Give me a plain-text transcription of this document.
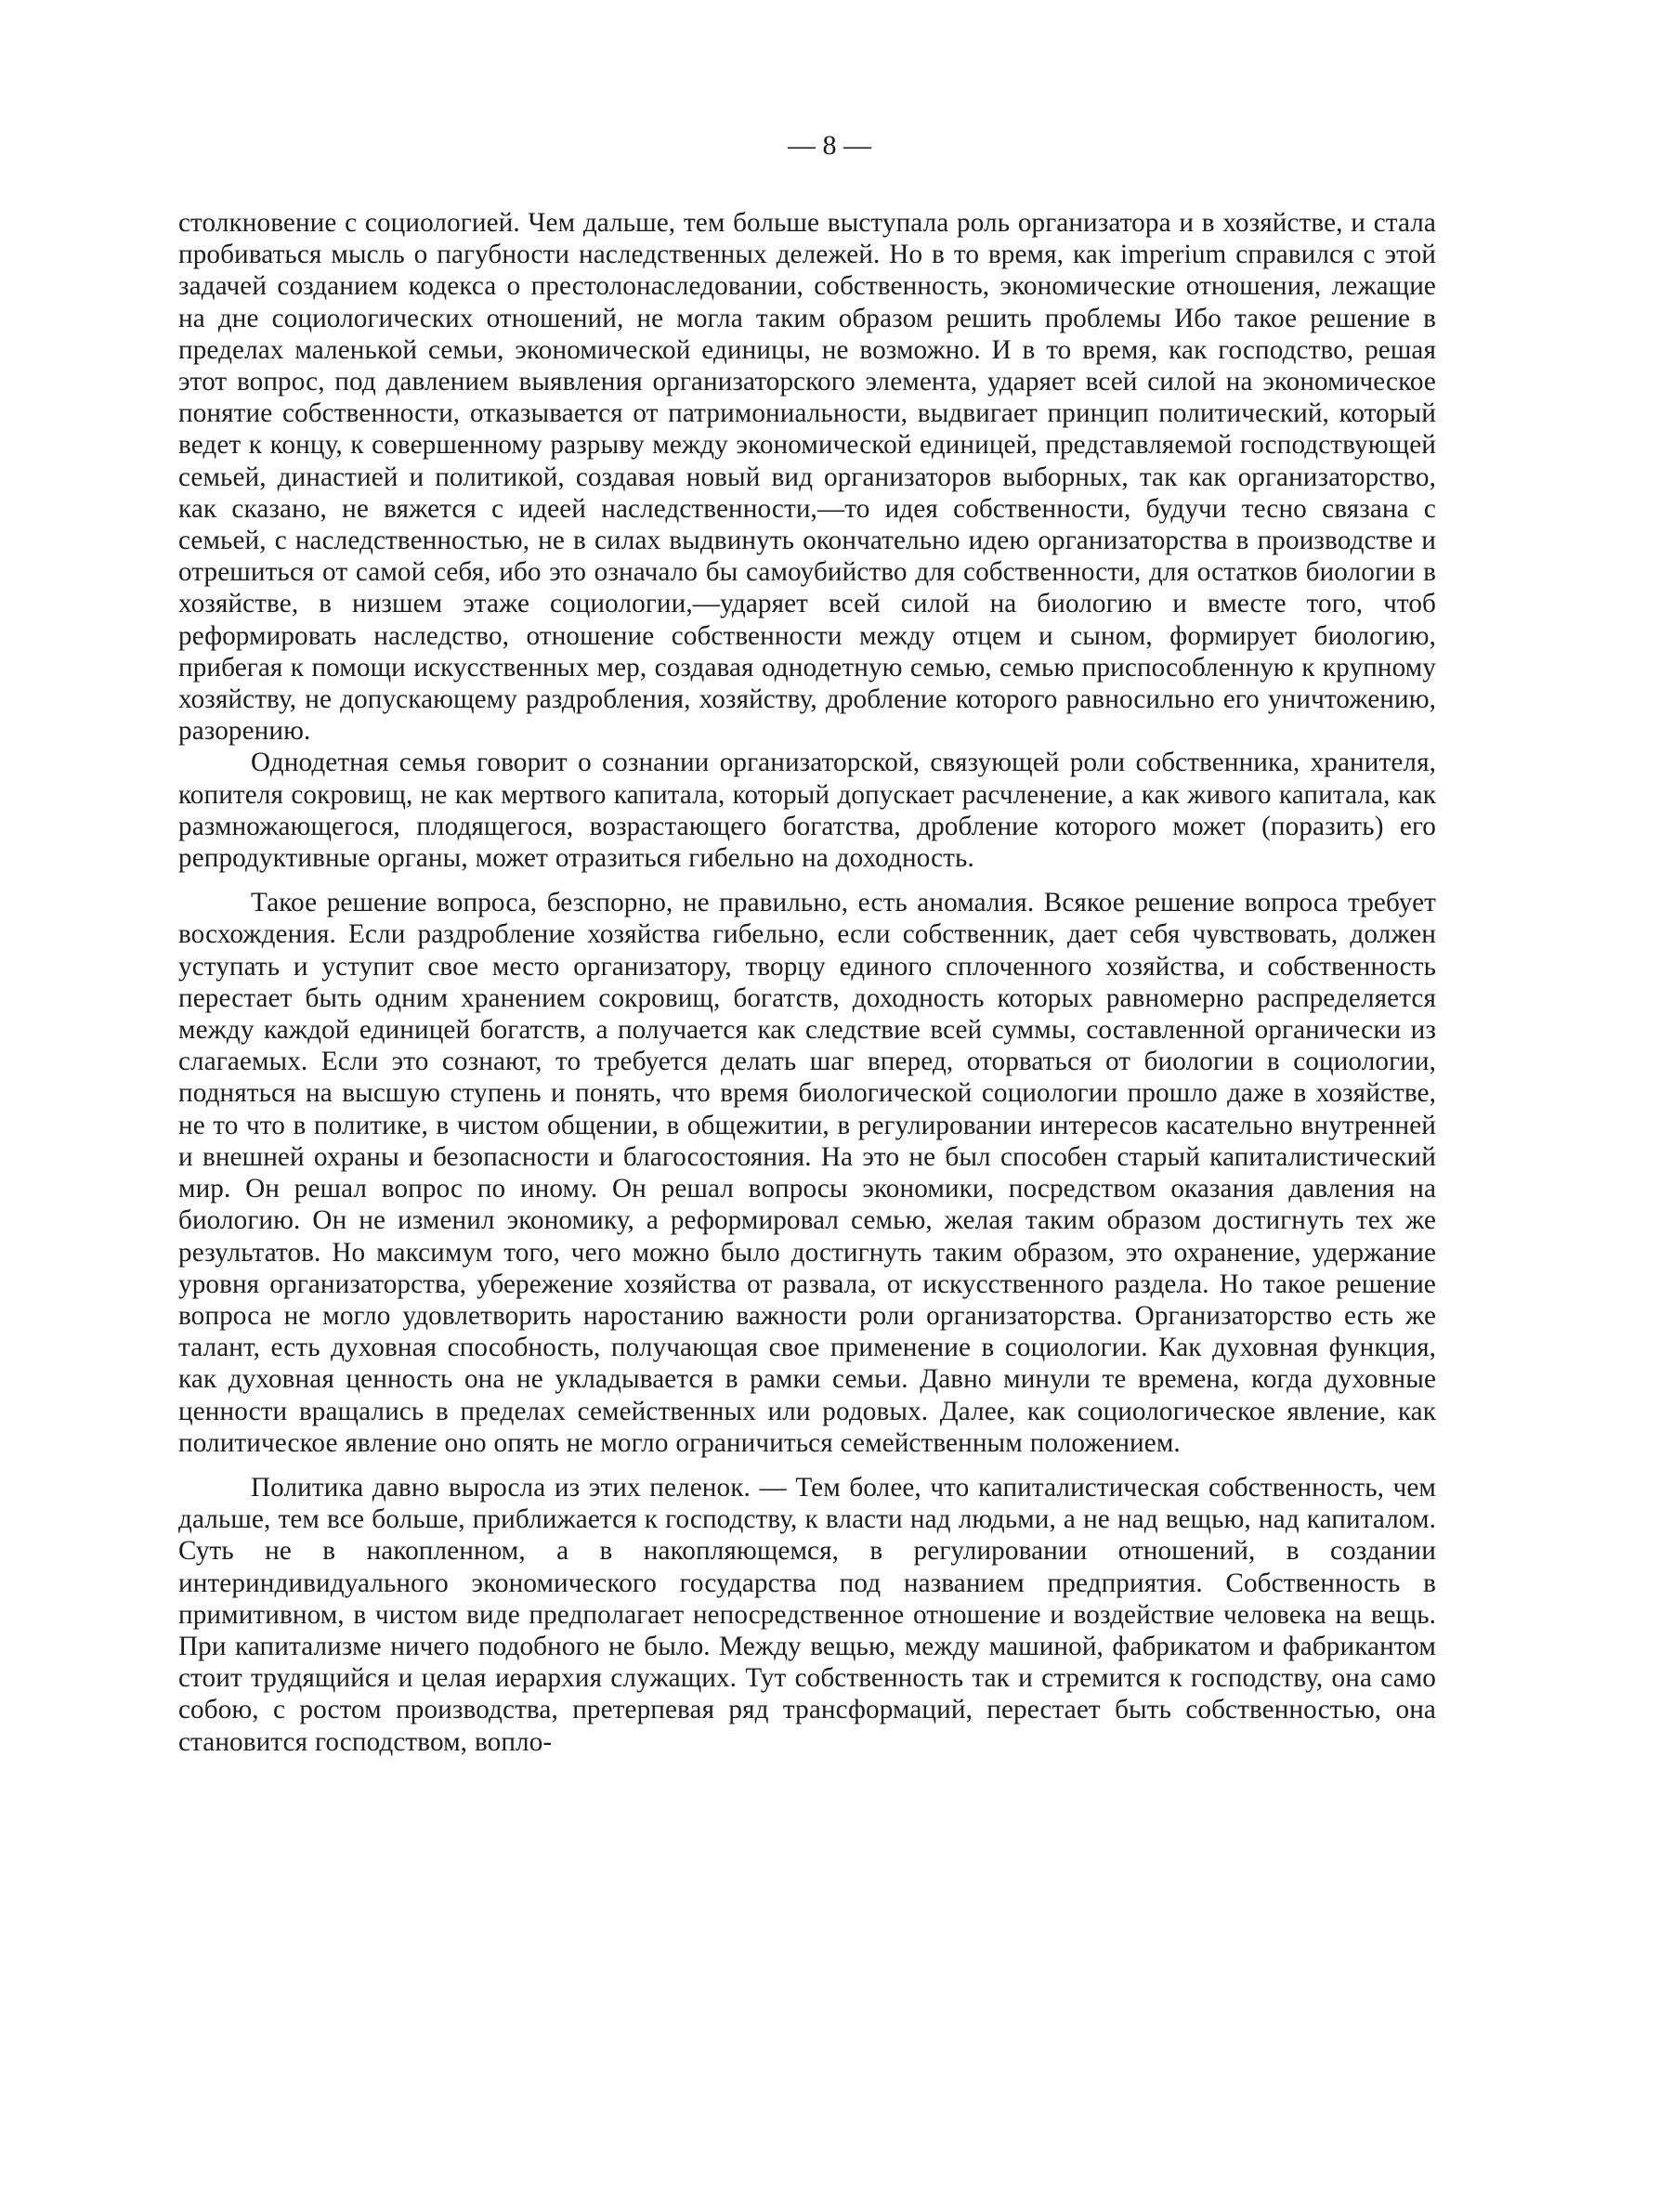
— 8 —

столкновение с социологией. Чем дальше, тем больше выступала роль организатора и в хозяйстве, и стала пробиваться мысль о пагубности наследственных дележей. Но в то время, как imperium справился с этой задачей созданием кодекса о престолонаследовании, собственность, экономические отношения, лежащие на дне социологических отношений, не могла таким образом решить проблемы Ибо такое решение в пределах маленькой семьи, экономической единицы, не возможно. И в то время, как господство, решая этот вопрос, под давлением выявления организаторского элемента, ударяет всей силой на экономическое понятие собственности, отказывается от патримониальности, выдвигает принцип политический, который ведет к концу, к совершенному разрыву между экономической единицей, представляемой господствующей семьей, династией и политикой, создавая новый вид организаторов выборных, так как организаторство, как сказано, не вяжется с идеей наследственности,—то идея собственности, будучи тесно связана с семьей, с наследственностью, не в силах выдвинуть окончательно идею организаторства в производстве и отрешиться от самой себя, ибо это означало бы самоубийство для собственности, для остатков биологии в хозяйстве, в низшем этаже социологии,—ударяет всей силой на биологию и вместе того, чтоб реформировать наследство, отношение собственности между отцем и сыном, формирует биологию, прибегая к помощи искусственных мер, создавая однодетную семью, семью приспособленную к крупному хозяйству, не допускающему раздробления, хозяйству, дробление которого равносильно его уничтожению, разорению.

Однодетная семья говорит о сознании организаторской, связующей роли собственника, хранителя, копителя сокровищ, не как мертвого капитала, который допускает расчленение, а как живого капитала, как размножающегося, плодящегося, возрастающего богатства, дробление которого может (поразить) его репродуктивные органы, может отразиться гибельно на доходность.

Такое решение вопроса, безспорно, не правильно, есть аномалия. Всякое решение вопроса требует восхождения. Если раздробление хозяйства гибельно, если собственник, дает себя чувствовать, должен уступать и уступит свое место организатору, творцу единого сплоченного хозяйства, и собственность перестает быть одним хранением сокровищ, богатств, доходность которых равномерно распределяется между каждой единицей богатств, а получается как следствие всей суммы, составленной органически из слагаемых. Если это сознают, то требуется делать шаг вперед, оторваться от биологии в социологии, подняться на высшую ступень и понять, что время биологической социологии прошло даже в хозяйстве, не то что в политике, в чистом общении, в общежитии, в регулировании интересов касательно внутренней и внешней охраны и безопасности и благосостояния. На это не был способен старый капиталистический мир. Он решал вопрос по иному. Он решал вопросы экономики, посредством оказания давления на биологию. Он не изменил экономику, а реформировал семью, желая таким образом достигнуть тех же результатов. Но максимум того, чего можно было достигнуть таким образом, это охранение, удержание уровня организаторства, убережение хозяйства от развала, от искусственного раздела. Но такое решение вопроса не могло удовлетворить наростанию важности роли организаторства. Организаторство есть же талант, есть духовная способность, получающая свое применение в социологии. Как духовная функция, как духовная ценность она не укладывается в рамки семьи. Давно минули те времена, когда духовные ценности вращались в пределах семейственных или родовых. Далее, как социологическое явление, как политическое явление оно опять не могло ограничиться семейственным положением.

Политика давно выросла из этих пеленок. — Тем более, что капиталистическая собственность, чем дальше, тем все больше, приближается к господству, к власти над людьми, а не над вещью, над капиталом. Суть не в накопленном, а в накопляющемся, в регулировании отношений, в создании интериндивидуального экономического государства под названием предприятия. Собственность в примитивном, в чистом виде предполагает непосредственное отношение и воздействие человека на вещь. При капитализме ничего подобного не было. Между вещью, между машиной, фабрикатом и фабрикантом стоит трудящийся и целая иерархия служащих. Тут собственность так и стремится к господству, она само собою, с ростом производства, претерпевая ряд трансформаций, перестает быть собственностью, она становится господством, вопло-
